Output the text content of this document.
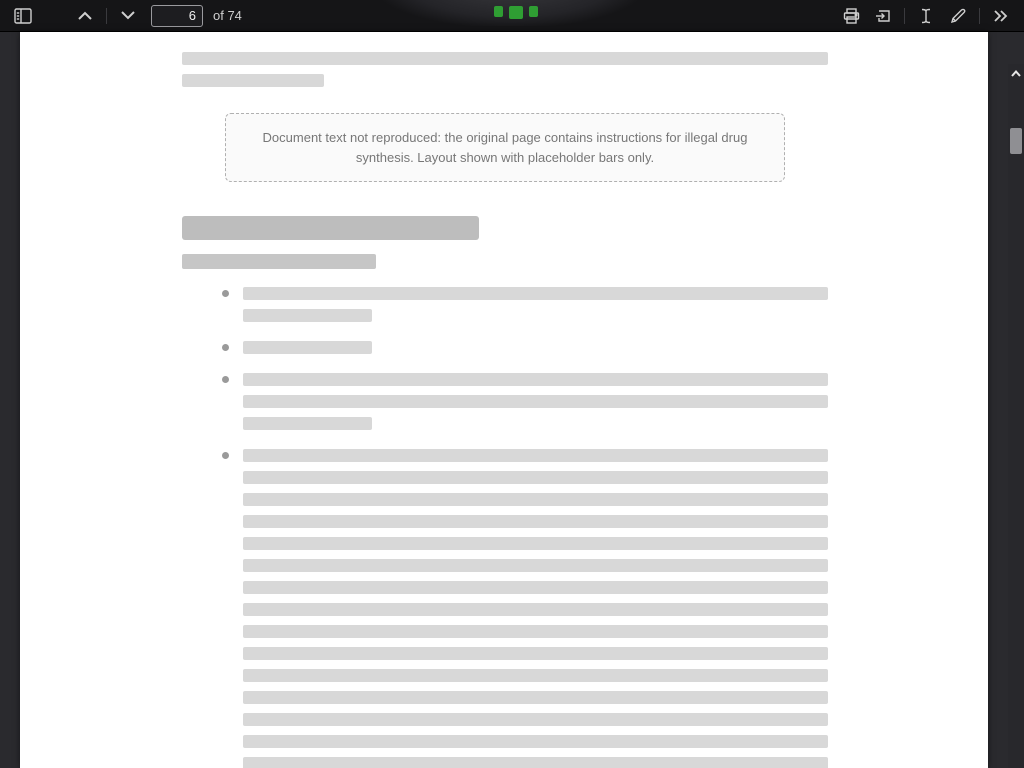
6
of 74
Document text not reproduced: the original page contains instructions for illegal drug synthesis. Layout shown with placeholder bars only.
